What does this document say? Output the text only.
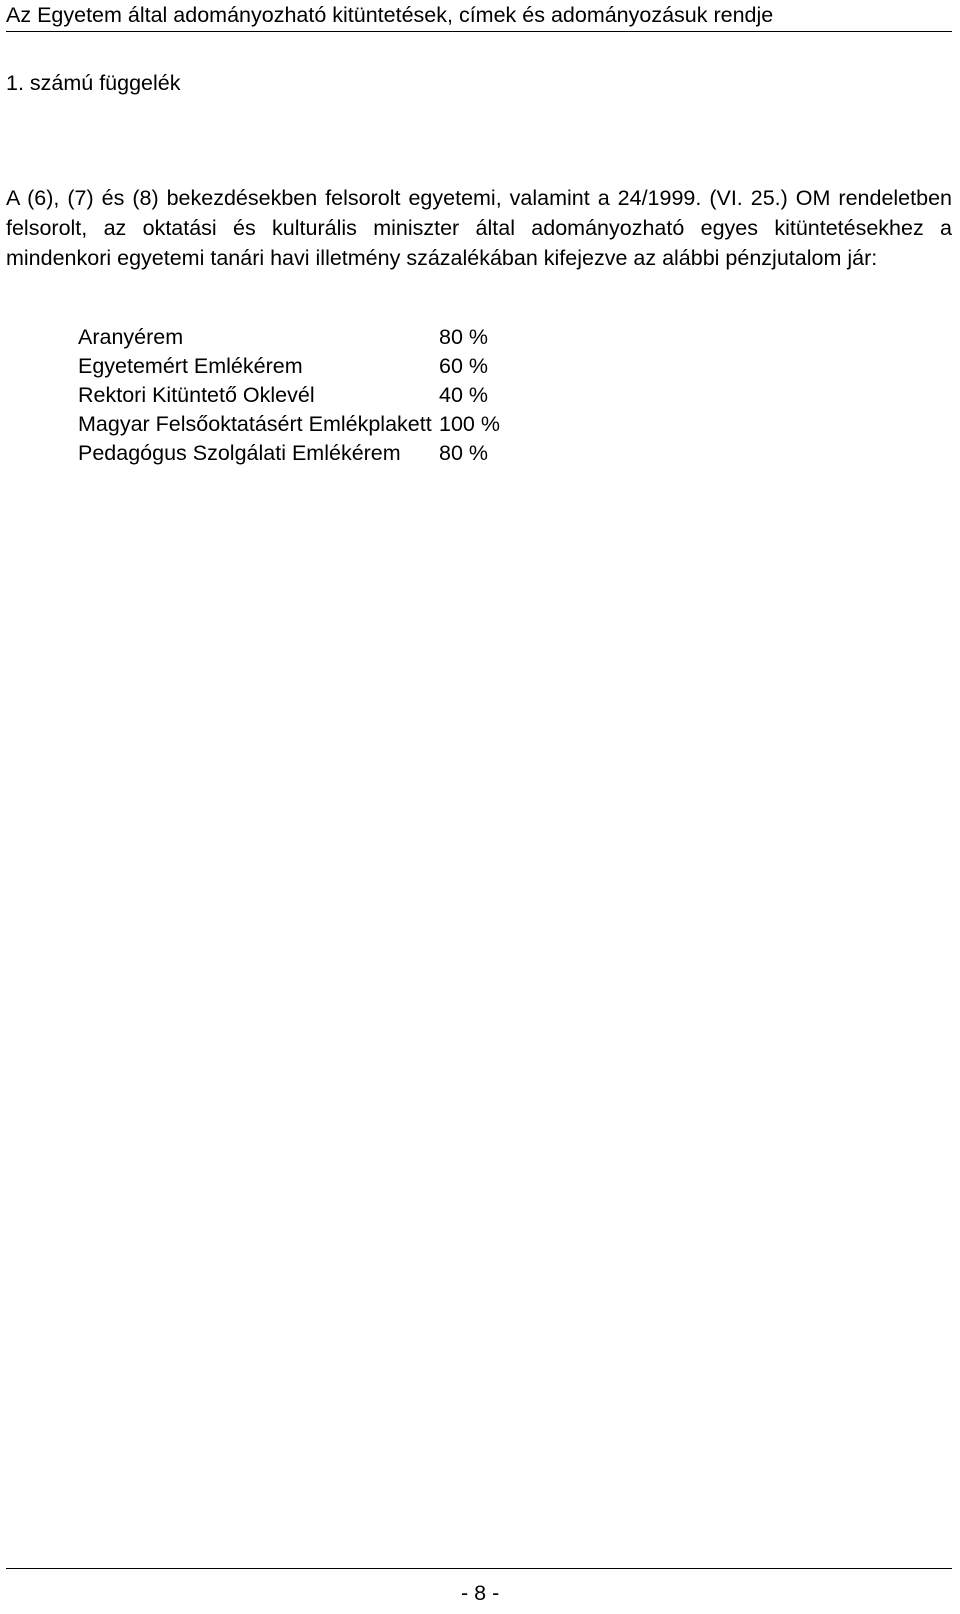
Az Egyetem által adományozható kitüntetések, címek és adományozásuk rendje
1. számú függelék

A (6), (7) és (8) bekezdésekben felsorolt egyetemi, valamint a 24/1999. (VI. 25.) OM rendeletben felsorolt, az oktatási és kulturális miniszter által adományozható egyes kitüntetésekhez a mindenkori egyetemi tanári havi illetmény százalékában kifejezve az alábbi pénzjutalom jár:

Aranyérem	80 %
Egyetemért Emlékérem	60 %
Rektori Kitüntető Oklevél	40 %
Magyar Felsőoktatásért Emlékplakett	100 %
Pedagógus Szolgálati Emlékérem	80 %
- 8 -
